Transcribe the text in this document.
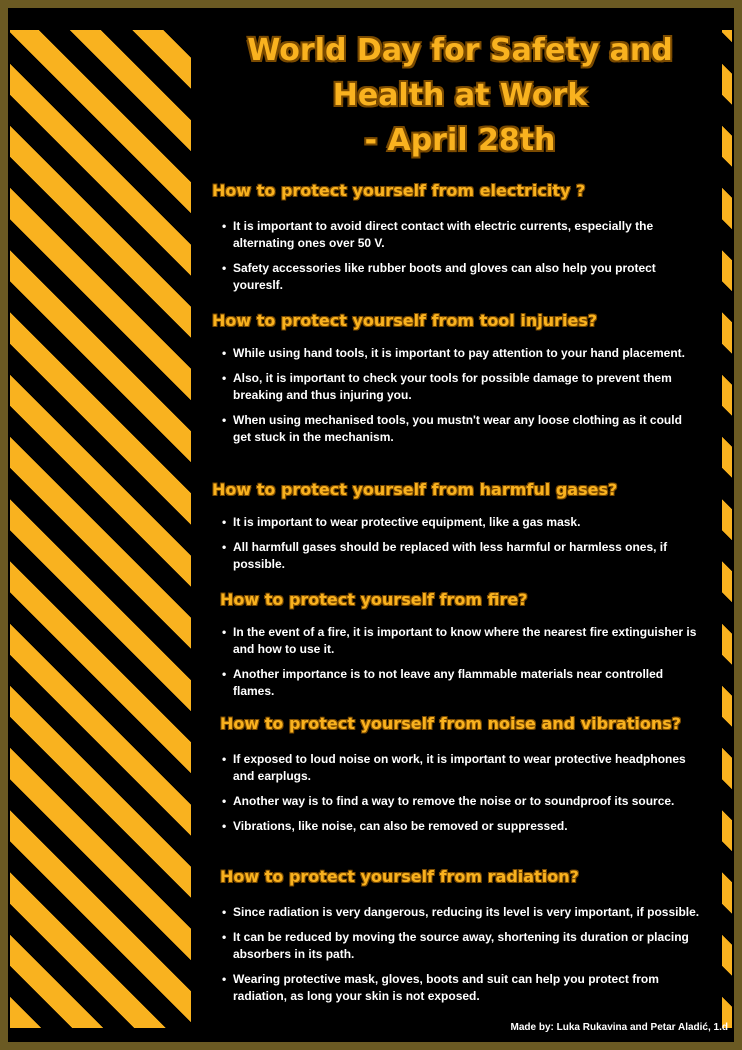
World Day for Safety and
Health at Work
- April 28th
How to protect yourself from electricity ?
• It is important to avoid direct contact with electric currents, especially the alternating ones over 50 V.
• Safety accessories like rubber boots and gloves can also help you protect youreslf.
How to protect yourself from tool injuries?
• While using hand tools, it is important to pay attention to your hand placement.
• Also, it is important to check your tools for possible damage to prevent them breaking and thus injuring you.
• When using mechanised tools, you mustn't wear any loose clothing as it could get stuck in the mechanism.
How to protect yourself from harmful gases?
• It is important to wear protective equipment, like a gas mask.
• All harmfull gases should be replaced with less harmful or harmless ones, if possible.
How to protect yourself from fire?
• In the event of a fire, it is important to know where the nearest fire extinguisher is and how to use it.
• Another importance is to not leave any flammable materials near controlled flames.
How to protect yourself from noise and vibrations?
• If exposed to loud noise on work, it is important to wear protective headphones and earplugs.
• Another way is to find a way to remove the noise or to soundproof its source.
• Vibrations, like noise, can also be removed or suppressed.
How to protect yourself from radiation?
• Since radiation is very dangerous, reducing its level is very important, if possible.
• It can be reduced by moving the source away, shortening its duration or placing absorbers in its path.
• Wearing protective mask, gloves, boots and suit can help you protect from radiation, as long your skin is not exposed.
Made by: Luka Rukavina and Petar Aladić, 1.d
